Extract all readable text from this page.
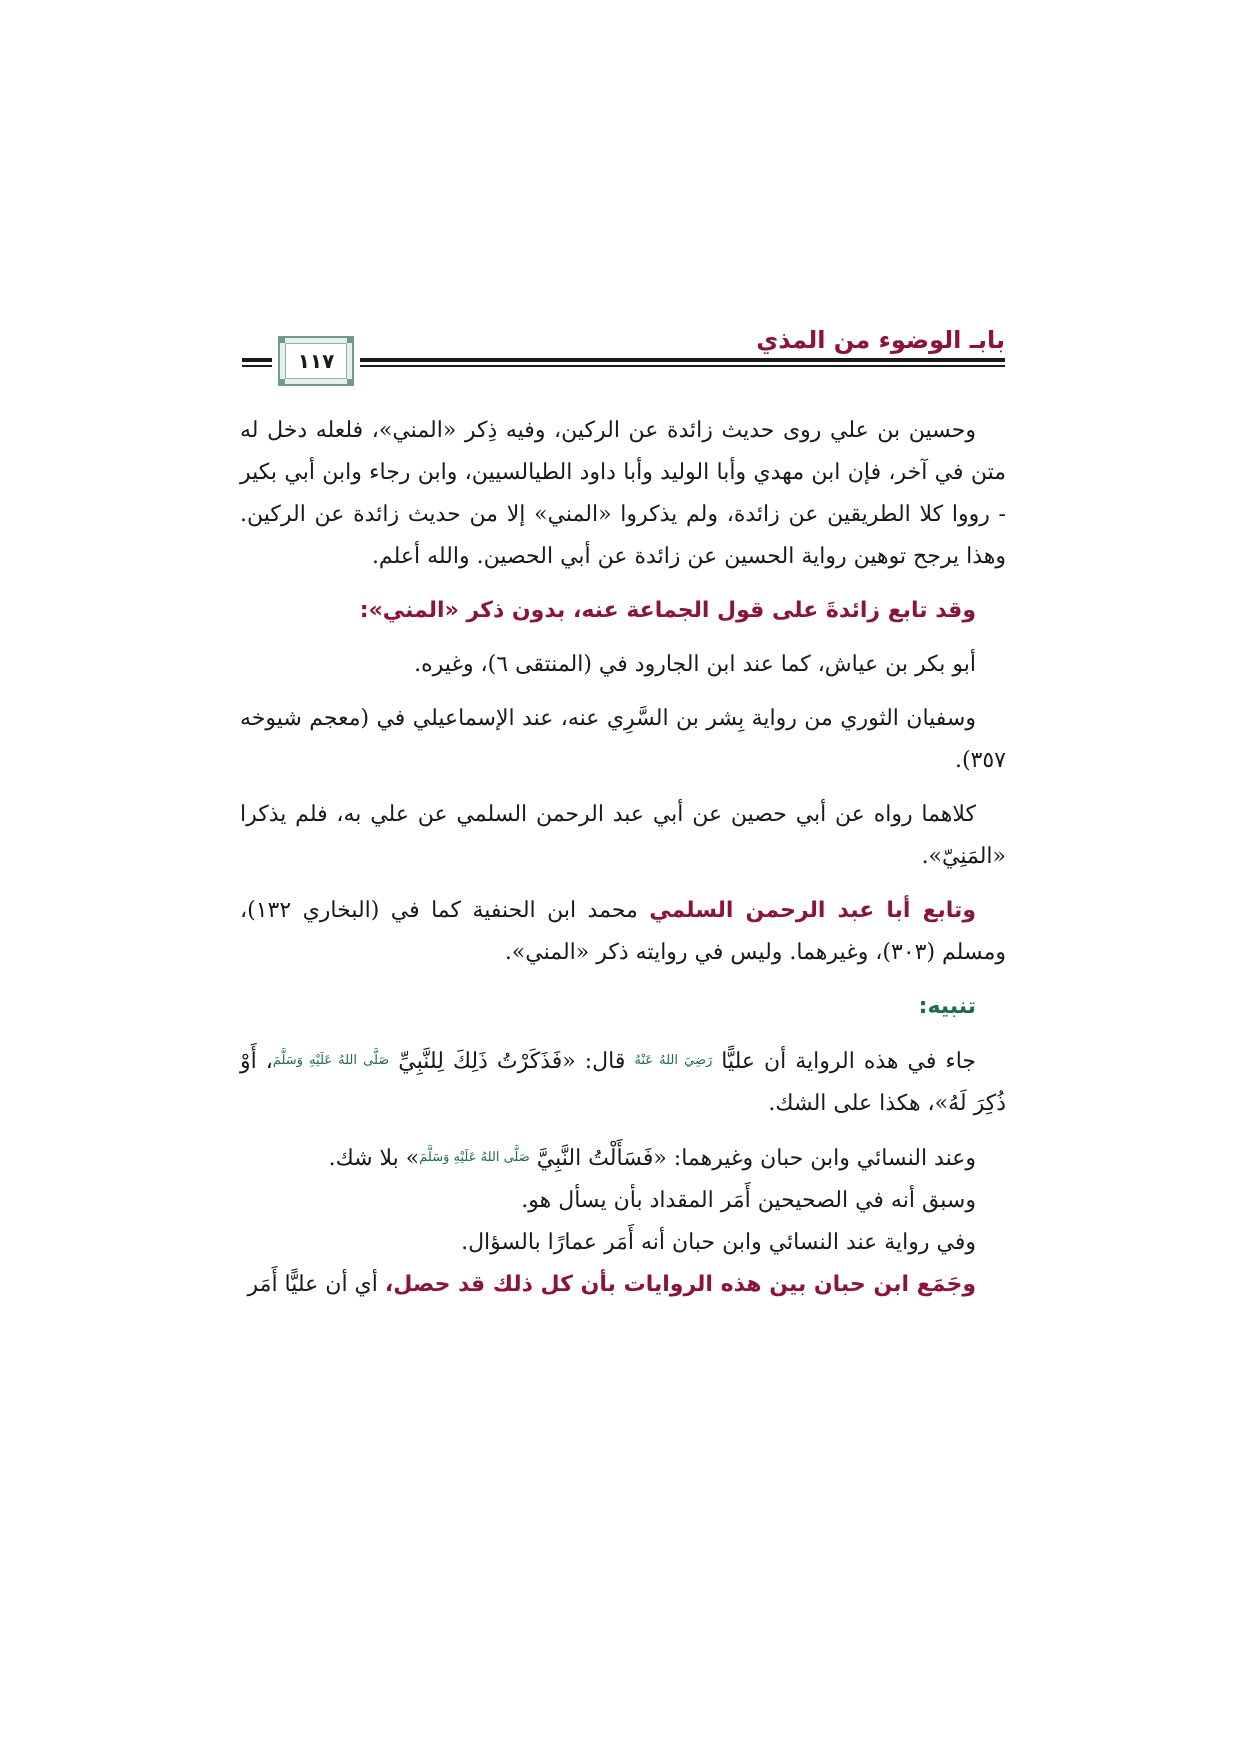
١١٧
بابـ الوضوء من المذي

وحسين بن علي روى حديث زائدة عن الركين، وفيه ذِكر «المني»، فلعله دخل له متن في آخر، فإن ابن مهدي وأبا الوليد وأبا داود الطيالسيين، وابن رجاء وابن أبي بكير - رووا كلا الطريقين عن زائدة، ولم يذكروا «المني» إلا من حديث زائدة عن الركين. وهذا يرجح توهين رواية الحسين عن زائدة عن أبي الحصين. والله أعلم.

وقد تابع زائدةَ على قول الجماعة عنه، بدون ذكر «المني»:

أبو بكر بن عياش، كما عند ابن الجارود في (المنتقى ٦)، وغيره.

وسفيان الثوري من رواية بِشر بن السَّرِي عنه، عند الإسماعيلي في (معجم شيوخه ٣٥٧).

كلاهما رواه عن أبي حصين عن أبي عبد الرحمن السلمي عن علي به، فلم يذكرا «المَنِيّ».

وتابع أبا عبد الرحمن السلمي محمد ابن الحنفية كما في (البخاري ١٣٢)، ومسلم (٣٠٣)، وغيرهما. وليس في روايته ذكر «المني».

تنبيه:

جاء في هذه الرواية أن عليًّا رَضِيَ اللهُ عَنْهُ قال: «فَذَكَرْتُ ذَلِكَ لِلنَّبِيِّ صَلَّى اللهُ عَلَيْهِ وَسَلَّمَ، أَوْ ذُكِرَ لَهُ»، هكذا على الشك.

وعند النسائي وابن حبان وغيرهما: «فَسَأَلْتُ النَّبِيَّ صَلَّى اللهُ عَلَيْهِ وَسَلَّمَ» بلا شك.

وسبق أنه في الصحيحين أَمَر المقداد بأن يسأل هو.

وفي رواية عند النسائي وابن حبان أنه أَمَر عمارًا بالسؤال.

وجَمَع ابن حبان بين هذه الروايات بأن كل ذلك قد حصل، أي أن عليًّا أَمَر
